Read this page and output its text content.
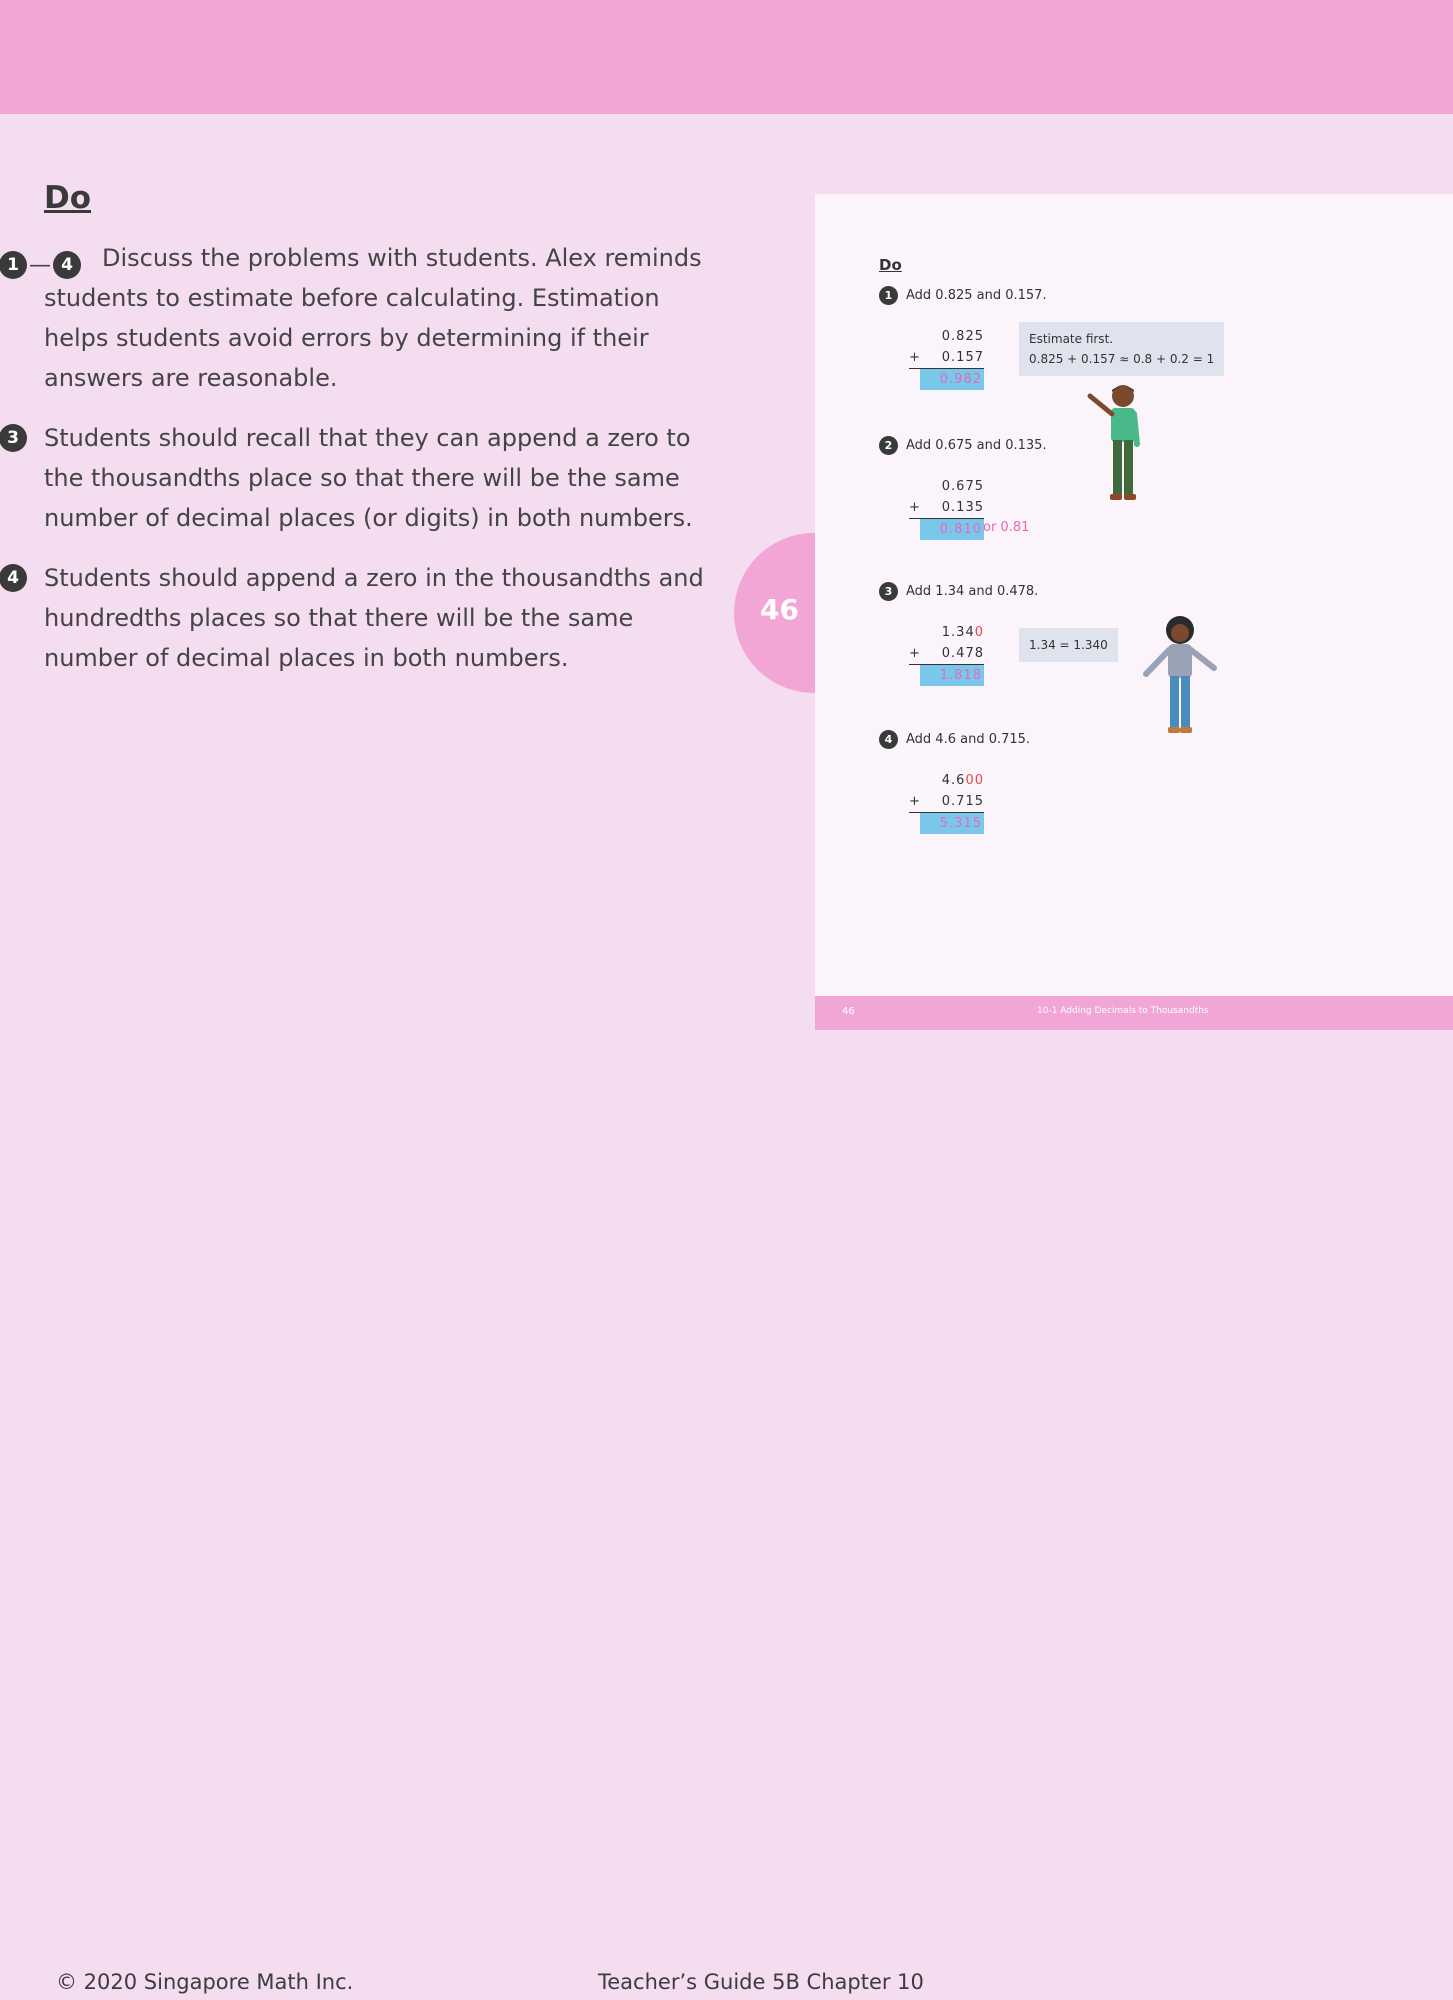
Do
1 — 4	Discuss the problems with students. Alex reminds students to estimate before calculating. Estimation helps students avoid errors by determining if their answers are reasonable.
3	Students should recall that they can append a zero to the thousandths place so that there will be the same number of decimal places (or digits) in both numbers.
4	Students should append a zero in the thousandths and hundredths places so that there will be the same number of decimal places in both numbers.
46
Do
1 Add 0.825 and 0.157.
0.825
+ 0.157
0.982
Estimate first.
0.825 + 0.157 ≈ 0.8 + 0.2 = 1
2 Add 0.675 and 0.135.
0.675
+ 0.135
0.810 or 0.81
3 Add 1.34 and 0.478.
1.340
+ 0.478
1.818
1.34 = 1.340
4 Add 4.6 and 0.715.
4.600
+ 0.715
5.315
46	10-1 Adding Decimals to Thousandths
© 2020 Singapore Math Inc.	Teacher’s Guide 5B Chapter 10
